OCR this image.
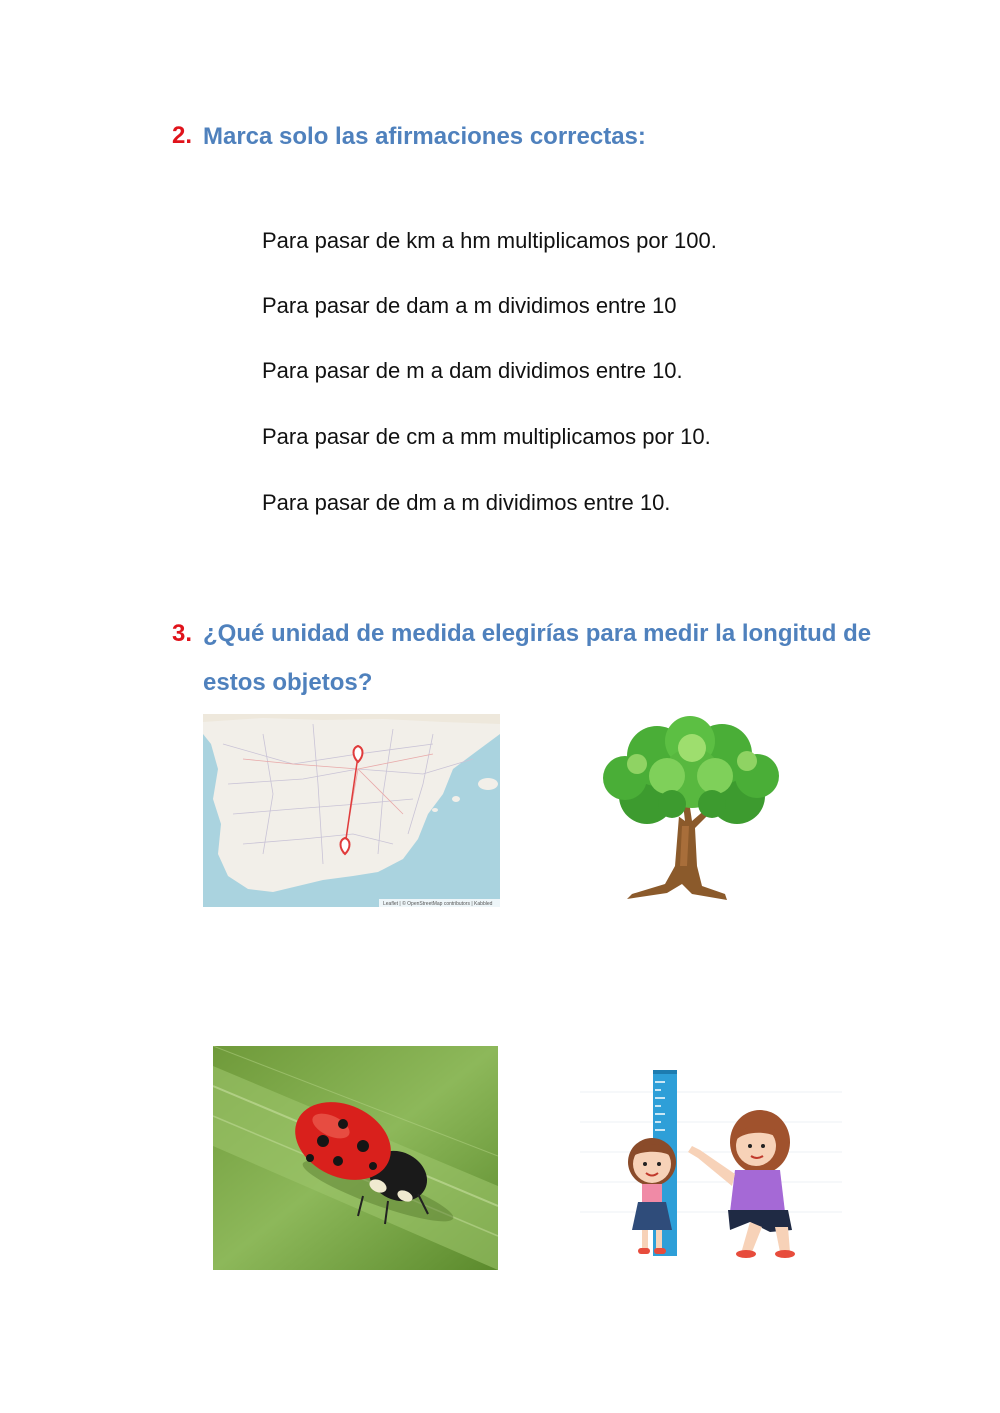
2. Marca solo las afirmaciones correctas:
Para pasar de km a hm multiplicamos por 100.
Para pasar de dam a m dividimos entre 10
Para pasar de m a dam dividimos entre 10.
Para pasar de cm a mm multiplicamos por 10.
Para pasar de dm a m dividimos entre 10.
3. ¿Qué unidad de medida elegirías para medir la longitud de
estos objetos?
Leaflet | © OpenStreetMap contributors | Kabbled
